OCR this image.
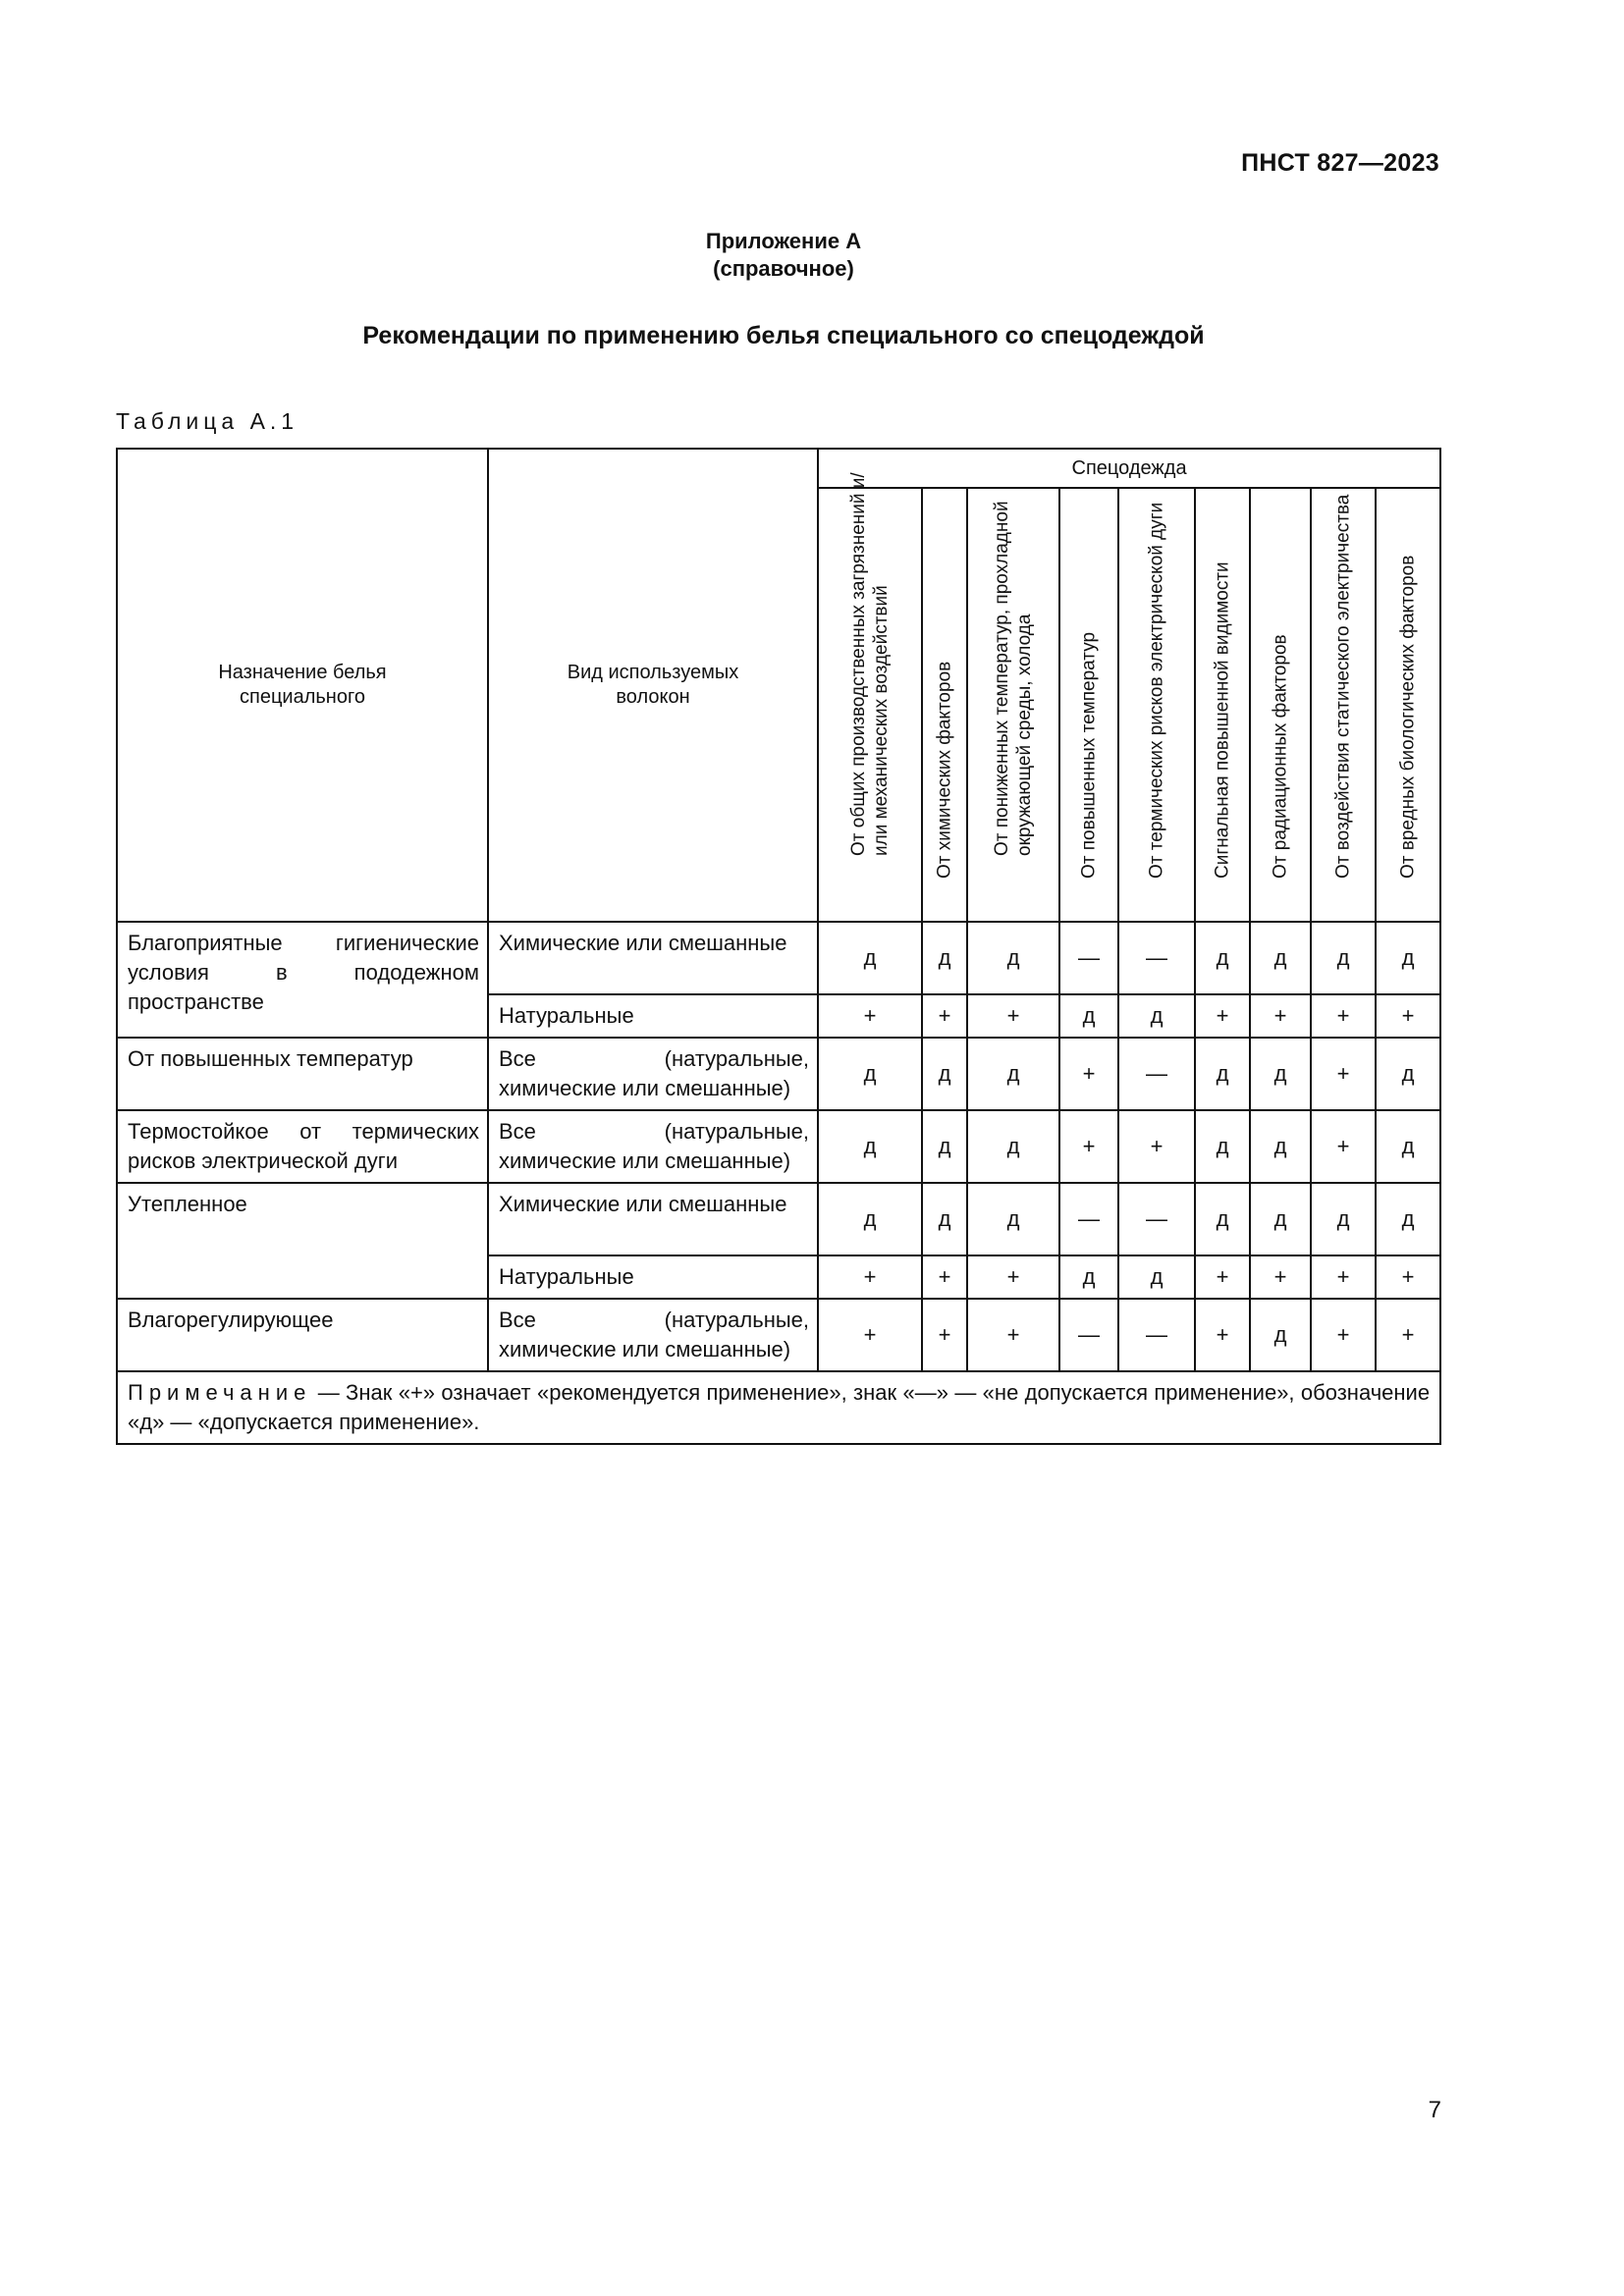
ПНСТ 827—2023
Приложение А
(справочное)
Рекомендации по применению белья специального со спецодеждой
Таблица А.1
Назначение белья специального	Вид используемых волокон	Спецодежда								

		От общих производственных загрязнений и/или механических воздействий	От химических факторов	От пониженных температур, прохладной окружающей среды, холода	От повышенных температур	От термических рисков электрической дуги	Сигнальная повышенной видимости	От радиационных факторов	От воздействия статического электричества	От вредных биологических факторов

Благоприятные гигиенические условия в пододежном пространстве	Химические или смешанные	д	д	д	—	—	д	д	д	д
	Натуральные	+	+	+	д	д	+	+	+	+
От повышенных температур	Все (натуральные, химические или смешанные)	д	д	д	+	—	д	д	+	д
Термостойкое от термических рисков электрической дуги	Все (натуральные, химические или смешанные)	д	д	д	+	+	д	д	+	д
Утепленное	Химические или смешанные	д	д	д	—	—	д	д	д	д
	Натуральные	+	+	+	д	д	+	+	+	+
Влагорегулирующее	Все (натуральные, химические или смешанные)	+	+	+	—	—	+	д	+	+
Примечание — Знак «+» означает «рекомендуется применение», знак «—» — «не допускается применение», обозначение «д» — «допускается применение».										
7
